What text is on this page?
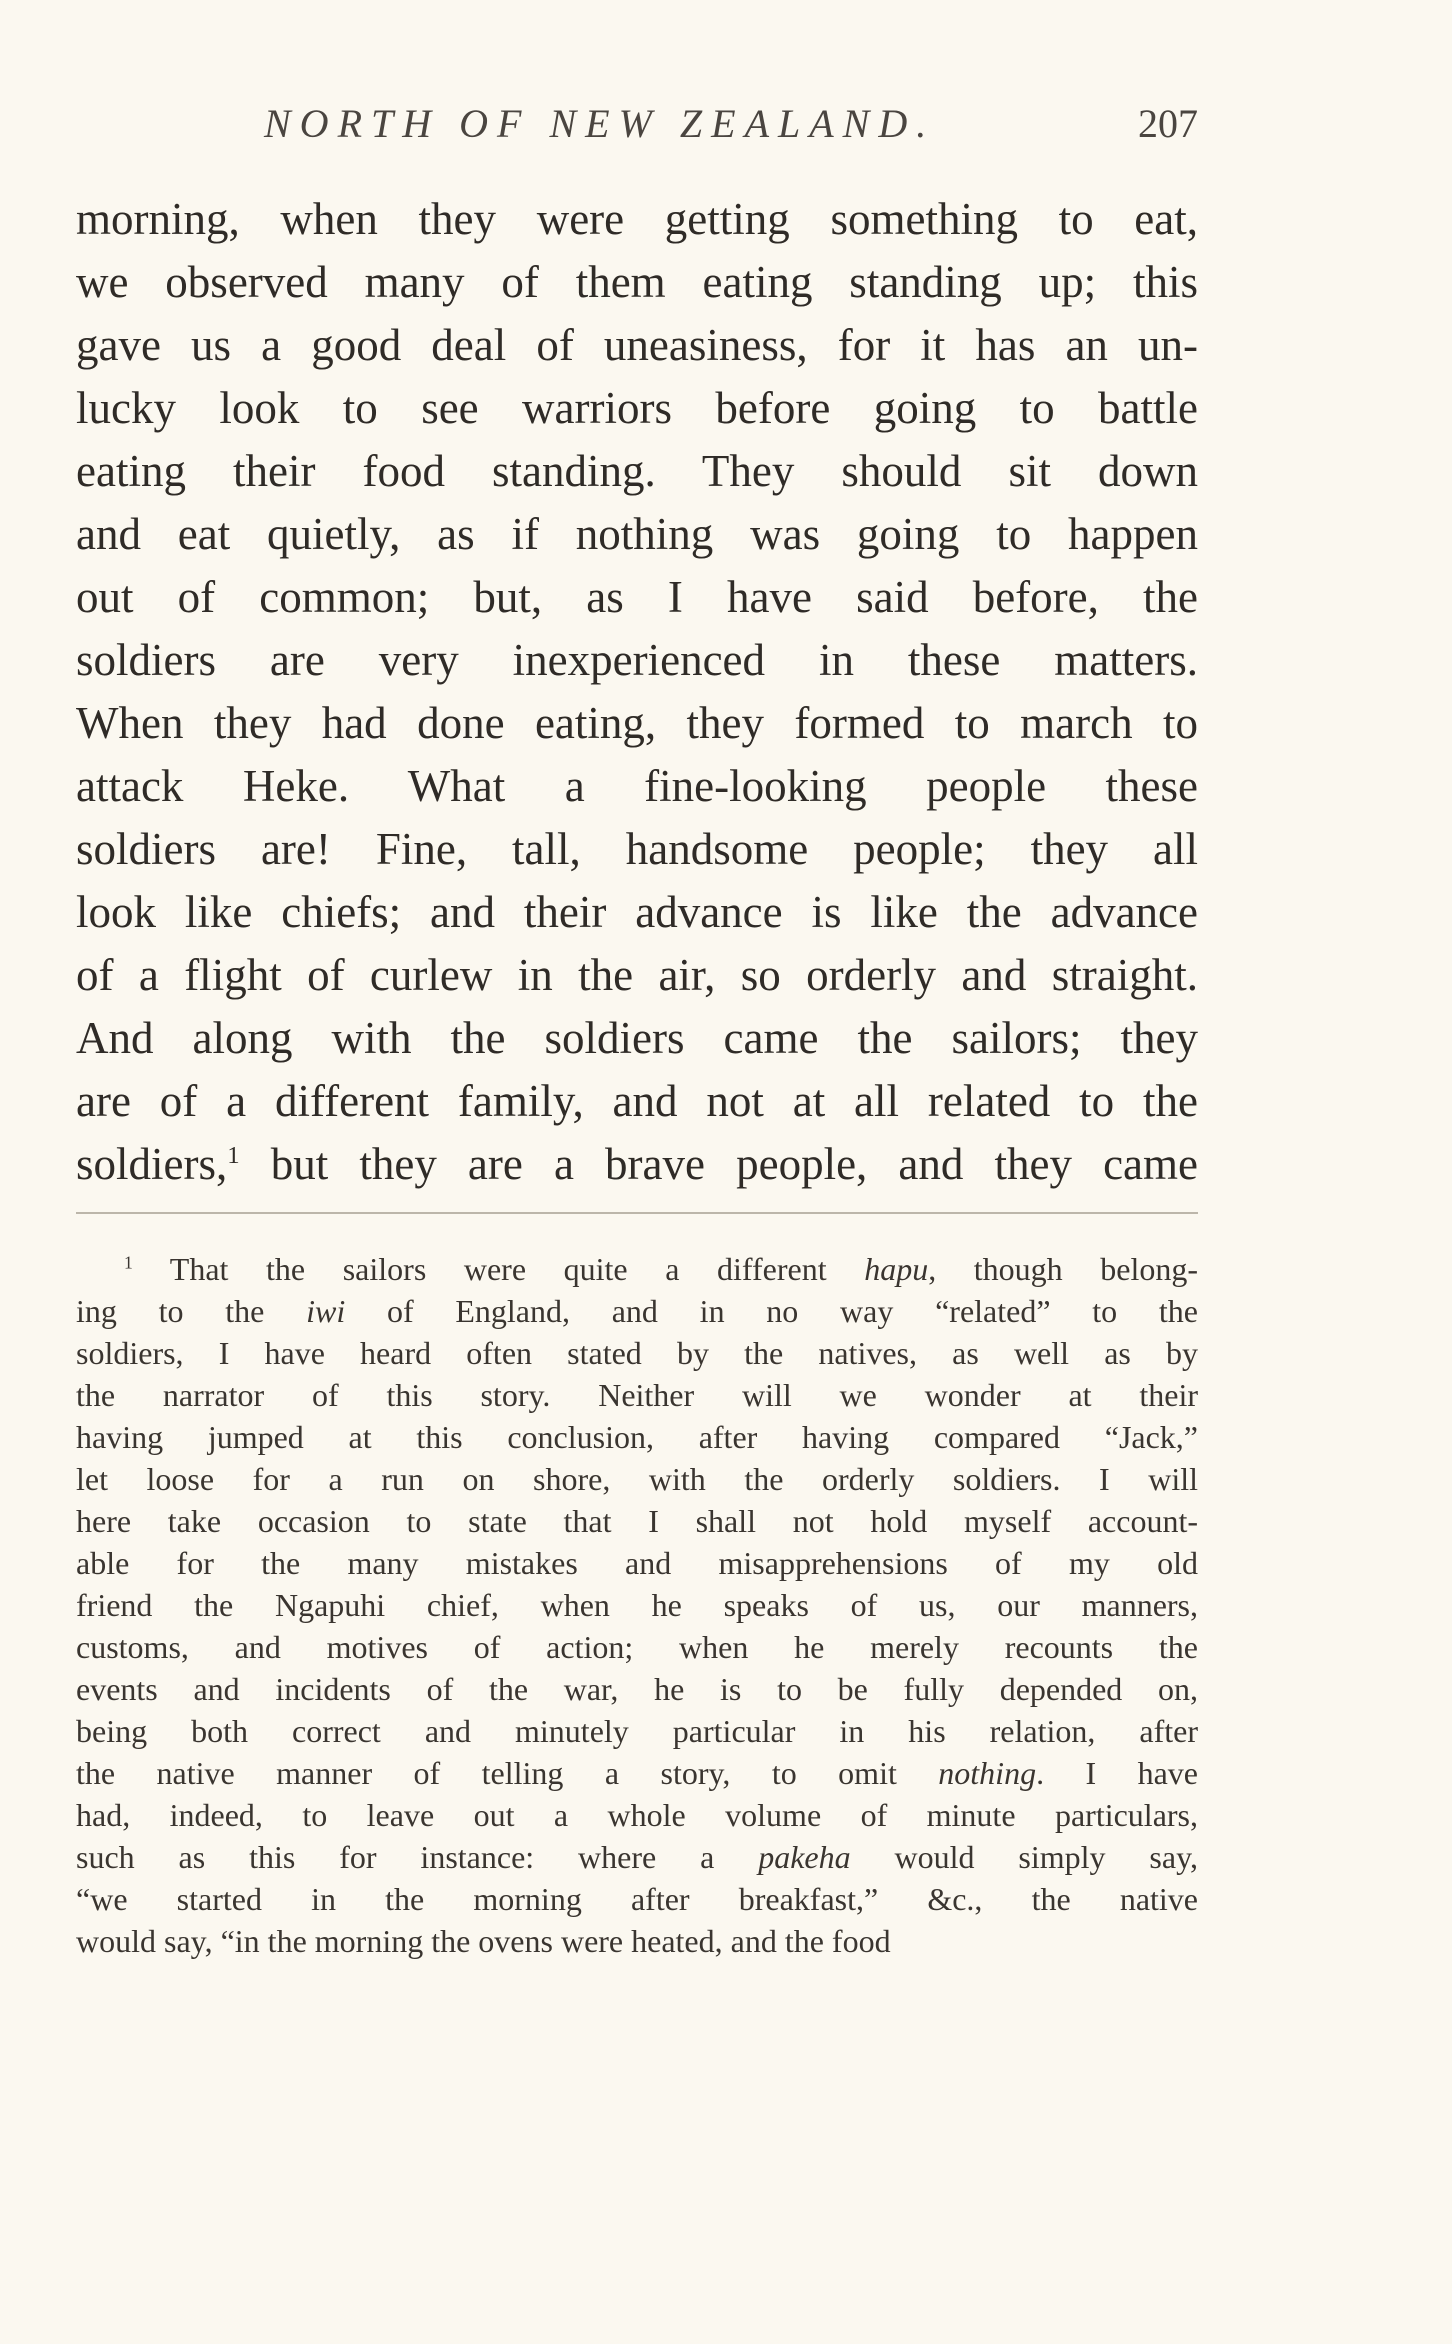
NORTH OF NEW ZEALAND.	207
morning, when they were getting something to eat,
we observed many of them eating standing up; this
gave us a good deal of uneasiness, for it has an un-
lucky look to see warriors before going to battle
eating their food standing. They should sit down
and eat quietly, as if nothing was going to happen
out of common; but, as I have said before, the
soldiers are very inexperienced in these matters.
When they had done eating, they formed to march to
attack Heke. What a fine-looking people these
soldiers are! Fine, tall, handsome people; they all
look like chiefs; and their advance is like the advance
of a flight of curlew in the air, so orderly and straight.
And along with the soldiers came the sailors; they
are of a different family, and not at all related to the
soldiers,$^1$ but they are a brave people, and they came
$^1$ That the sailors were quite a different hapu, though belong-
ing to the iwi of England, and in no way “related” to the
soldiers, I have heard often stated by the natives, as well as by
the narrator of this story. Neither will we wonder at their
having jumped at this conclusion, after having compared “Jack,”
let loose for a run on shore, with the orderly soldiers. I will
here take occasion to state that I shall not hold myself account-
able for the many mistakes and misapprehensions of my old
friend the Ngapuhi chief, when he speaks of us, our manners,
customs, and motives of action; when he merely recounts the
events and incidents of the war, he is to be fully depended on,
being both correct and minutely particular in his relation, after
the native manner of telling a story, to omit nothing. I have
had, indeed, to leave out a whole volume of minute particulars,
such as this for instance: where a pakeha would simply say,
“we started in the morning after breakfast,” &c., the native
would say, “in the morning the ovens were heated, and the food
